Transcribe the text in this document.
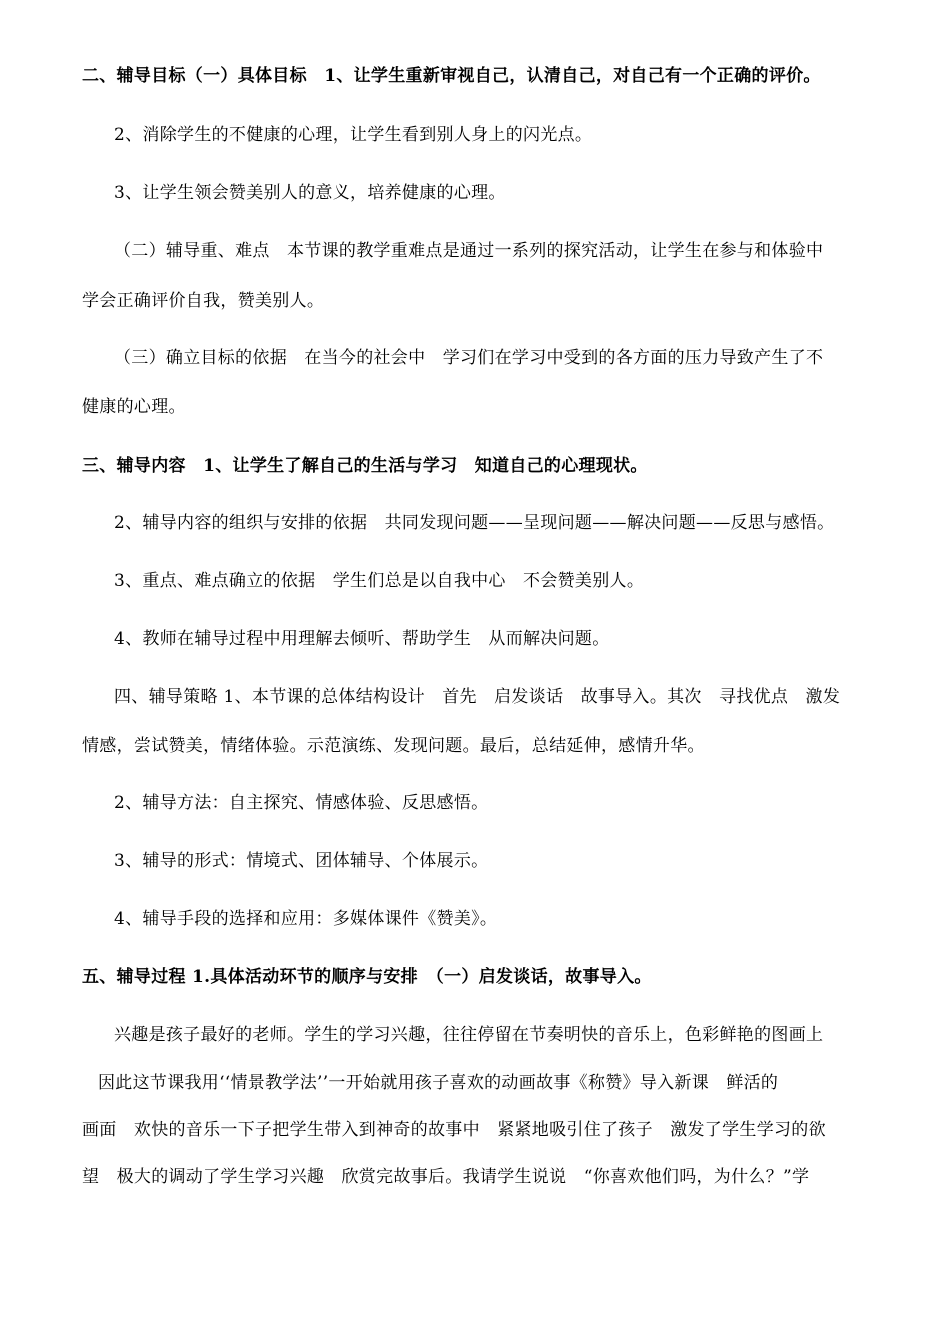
二、辅导目标（一）具体目标　1、让学生重新审视自己，认清自己，对自己有一个正确的评价。
2、消除学生的不健康的心理，让学生看到别人身上的闪光点。
3、让学生领会赞美别人的意义，培养健康的心理。
（二）辅导重、难点　本节课的教学重难点是通过一系列的探究活动，让学生在参与和体验中
学会正确评价自我，赞美别人。
（三）确立目标的依据　在当今的社会中　学习们在学习中受到的各方面的压力导致产生了不
健康的心理。
三、辅导内容　1、让学生了解自己的生活与学习　知道自己的心理现状。
2、辅导内容的组织与安排的依据　共同发现问题——呈现问题——解决问题——反思与感悟。
3、重点、难点确立的依据　学生们总是以自我中心　不会赞美别人。
4、教师在辅导过程中用理解去倾听、帮助学生　从而解决问题。
四、辅导策略 1、本节课的总体结构设计　首先　启发谈话　故事导入。其次　寻找优点　激发
情感，尝试赞美，情绪体验。示范演练、发现问题。最后，总结延伸，感情升华。
2、辅导方法：自主探究、情感体验、反思感悟。
3、辅导的形式：情境式、团体辅导、个体展示。
4、辅导手段的选择和应用：多媒体课件《赞美》。
五、辅导过程 1.具体活动环节的顺序与安排　（一）启发谈话，故事导入。
兴趣是孩子最好的老师。学生的学习兴趣，往往停留在节奏明快的音乐上，色彩鲜艳的图画上
因此这节课我用‘‘情景教学法’’一开始就用孩子喜欢的动画故事《称赞》导入新课　鲜活的
画面　欢快的音乐一下子把学生带入到神奇的故事中　紧紧地吸引住了孩子　激发了学生学习的欲
望　极大的调动了学生学习兴趣　欣赏完故事后。我请学生说说　“你喜欢他们吗，为什么？”学
